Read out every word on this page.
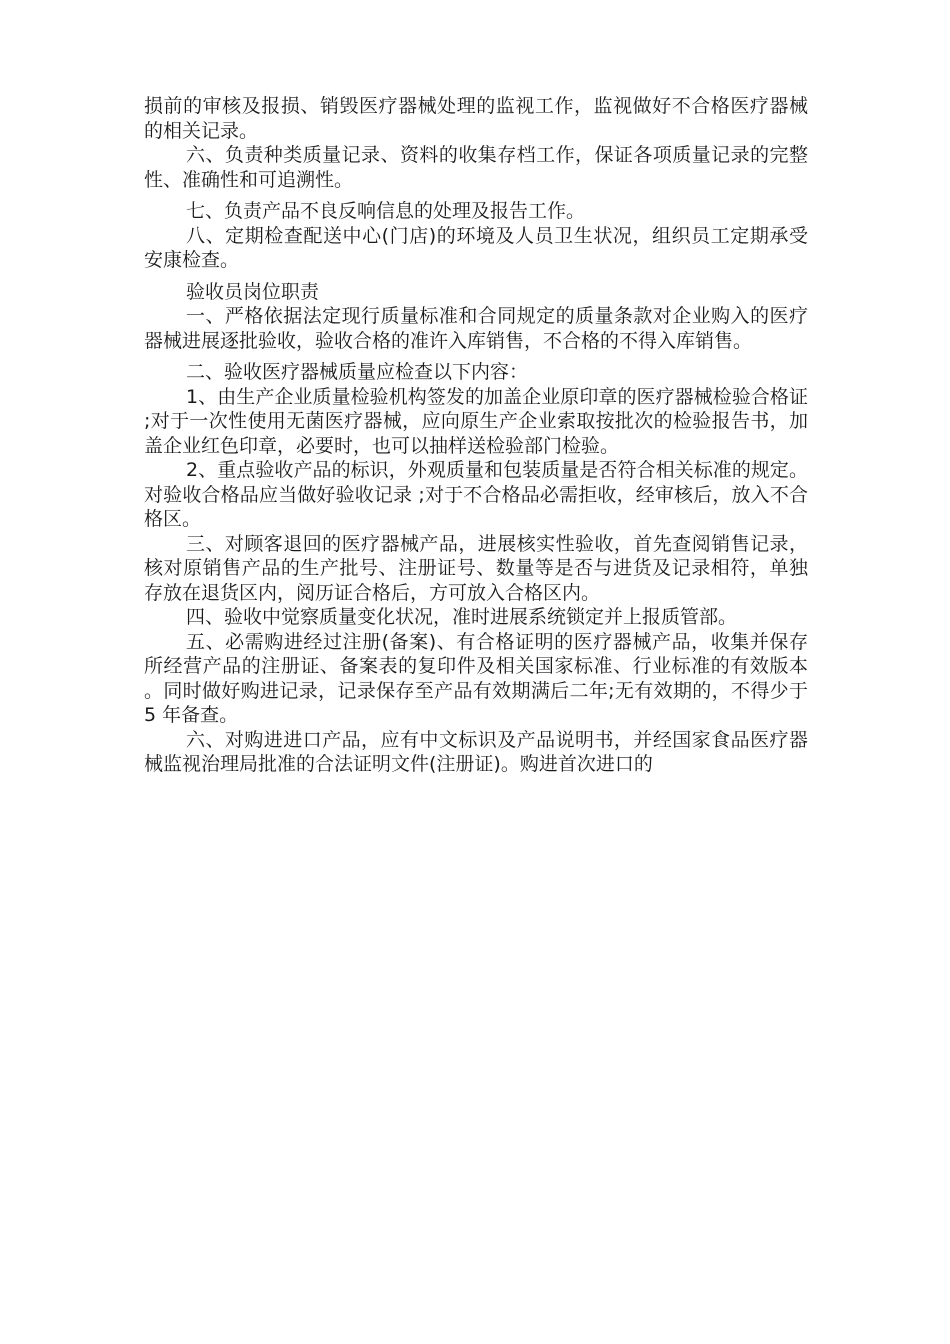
损前的审核及报损、销毁医疗器械处理的监视工作，监视做好不合格医疗器械的相关记录。

六、负责种类质量记录、资料的收集存档工作，保证各项质量记录的完整性、准确性和可追溯性。

七、负责产品不良反响信息的处理及报告工作。

八、定期检查配送中心(门店)的环境及人员卫生状况，组织员工定期承受安康检查。

验收员岗位职责

一、严格依据法定现行质量标准和合同规定的质量条款对企业购入的医疗器械进展逐批验收，验收合格的准许入库销售，不合格的不得入库销售。

二、验收医疗器械质量应检查以下内容：

1、由生产企业质量检验机构签发的加盖企业原印章的医疗器械检验合格证;对于一次性使用无菌医疗器械，应向原生产企业索取按批次的检验报告书，加盖企业红色印章，必要时，也可以抽样送检验部门检验。

2、重点验收产品的标识，外观质量和包装质量是否符合相关标准的规定。对验收合格品应当做好验收记录 ;对于不合格品必需拒收，经审核后，放入不合格区。

三、对顾客退回的医疗器械产品，进展核实性验收，首先查阅销售记录，核对原销售产品的生产批号、注册证号、数量等是否与进货及记录相符，单独存放在退货区内，阅历证合格后，方可放入合格区内。

四、验收中觉察质量变化状况，准时进展系统锁定并上报质管部。

五、必需购进经过注册(备案)、有合格证明的医疗器械产品，收集并保存所经营产品的注册证、备案表的复印件及相关国家标准、行业标准的有效版本。同时做好购进记录，记录保存至产品有效期满后二年;无有效期的，不得少于 5 年备查。

六、对购进进口产品，应有中文标识及产品说明书，并经国家食品医疗器械监视治理局批准的合法证明文件(注册证)。购进首次进口的
